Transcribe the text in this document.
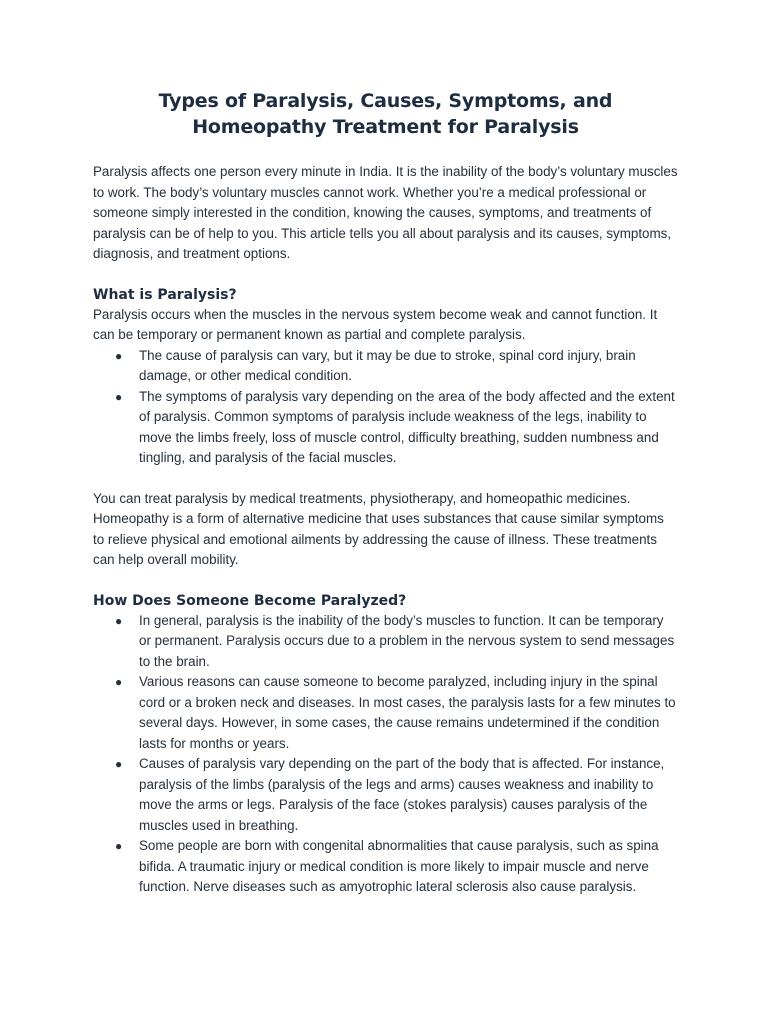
Types of Paralysis, Causes, Symptoms, and Homeopathy Treatment for Paralysis

Paralysis affects one person every minute in India. It is the inability of the body’s voluntary muscles to work. The body’s voluntary muscles cannot work. Whether you’re a medical professional or someone simply interested in the condition, knowing the causes, symptoms, and treatments of paralysis can be of help to you. This article tells you all about paralysis and its causes, symptoms, diagnosis, and treatment options.

What is Paralysis?

Paralysis occurs when the muscles in the nervous system become weak and cannot function. It can be temporary or permanent known as partial and complete paralysis.

● The cause of paralysis can vary, but it may be due to stroke, spinal cord injury, brain damage, or other medical condition.
● The symptoms of paralysis vary depending on the area of the body affected and the extent of paralysis. Common symptoms of paralysis include weakness of the legs, inability to move the limbs freely, loss of muscle control, difficulty breathing, sudden numbness and tingling, and paralysis of the facial muscles.

You can treat paralysis by medical treatments, physiotherapy, and homeopathic medicines. Homeopathy is a form of alternative medicine that uses substances that cause similar symptoms to relieve physical and emotional ailments by addressing the cause of illness. These treatments can help overall mobility.

How Does Someone Become Paralyzed?
● In general, paralysis is the inability of the body’s muscles to function. It can be temporary or permanent. Paralysis occurs due to a problem in the nervous system to send messages to the brain.
● Various reasons can cause someone to become paralyzed, including injury in the spinal cord or a broken neck and diseases. In most cases, the paralysis lasts for a few minutes to several days. However, in some cases, the cause remains undetermined if the condition lasts for months or years.
● Causes of paralysis vary depending on the part of the body that is affected. For instance, paralysis of the limbs (paralysis of the legs and arms) causes weakness and inability to move the arms or legs. Paralysis of the face (stokes paralysis) causes paralysis of the muscles used in breathing.
● Some people are born with congenital abnormalities that cause paralysis, such as spina bifida. A traumatic injury or medical condition is more likely to impair muscle and nerve function. Nerve diseases such as amyotrophic lateral sclerosis also cause paralysis.
